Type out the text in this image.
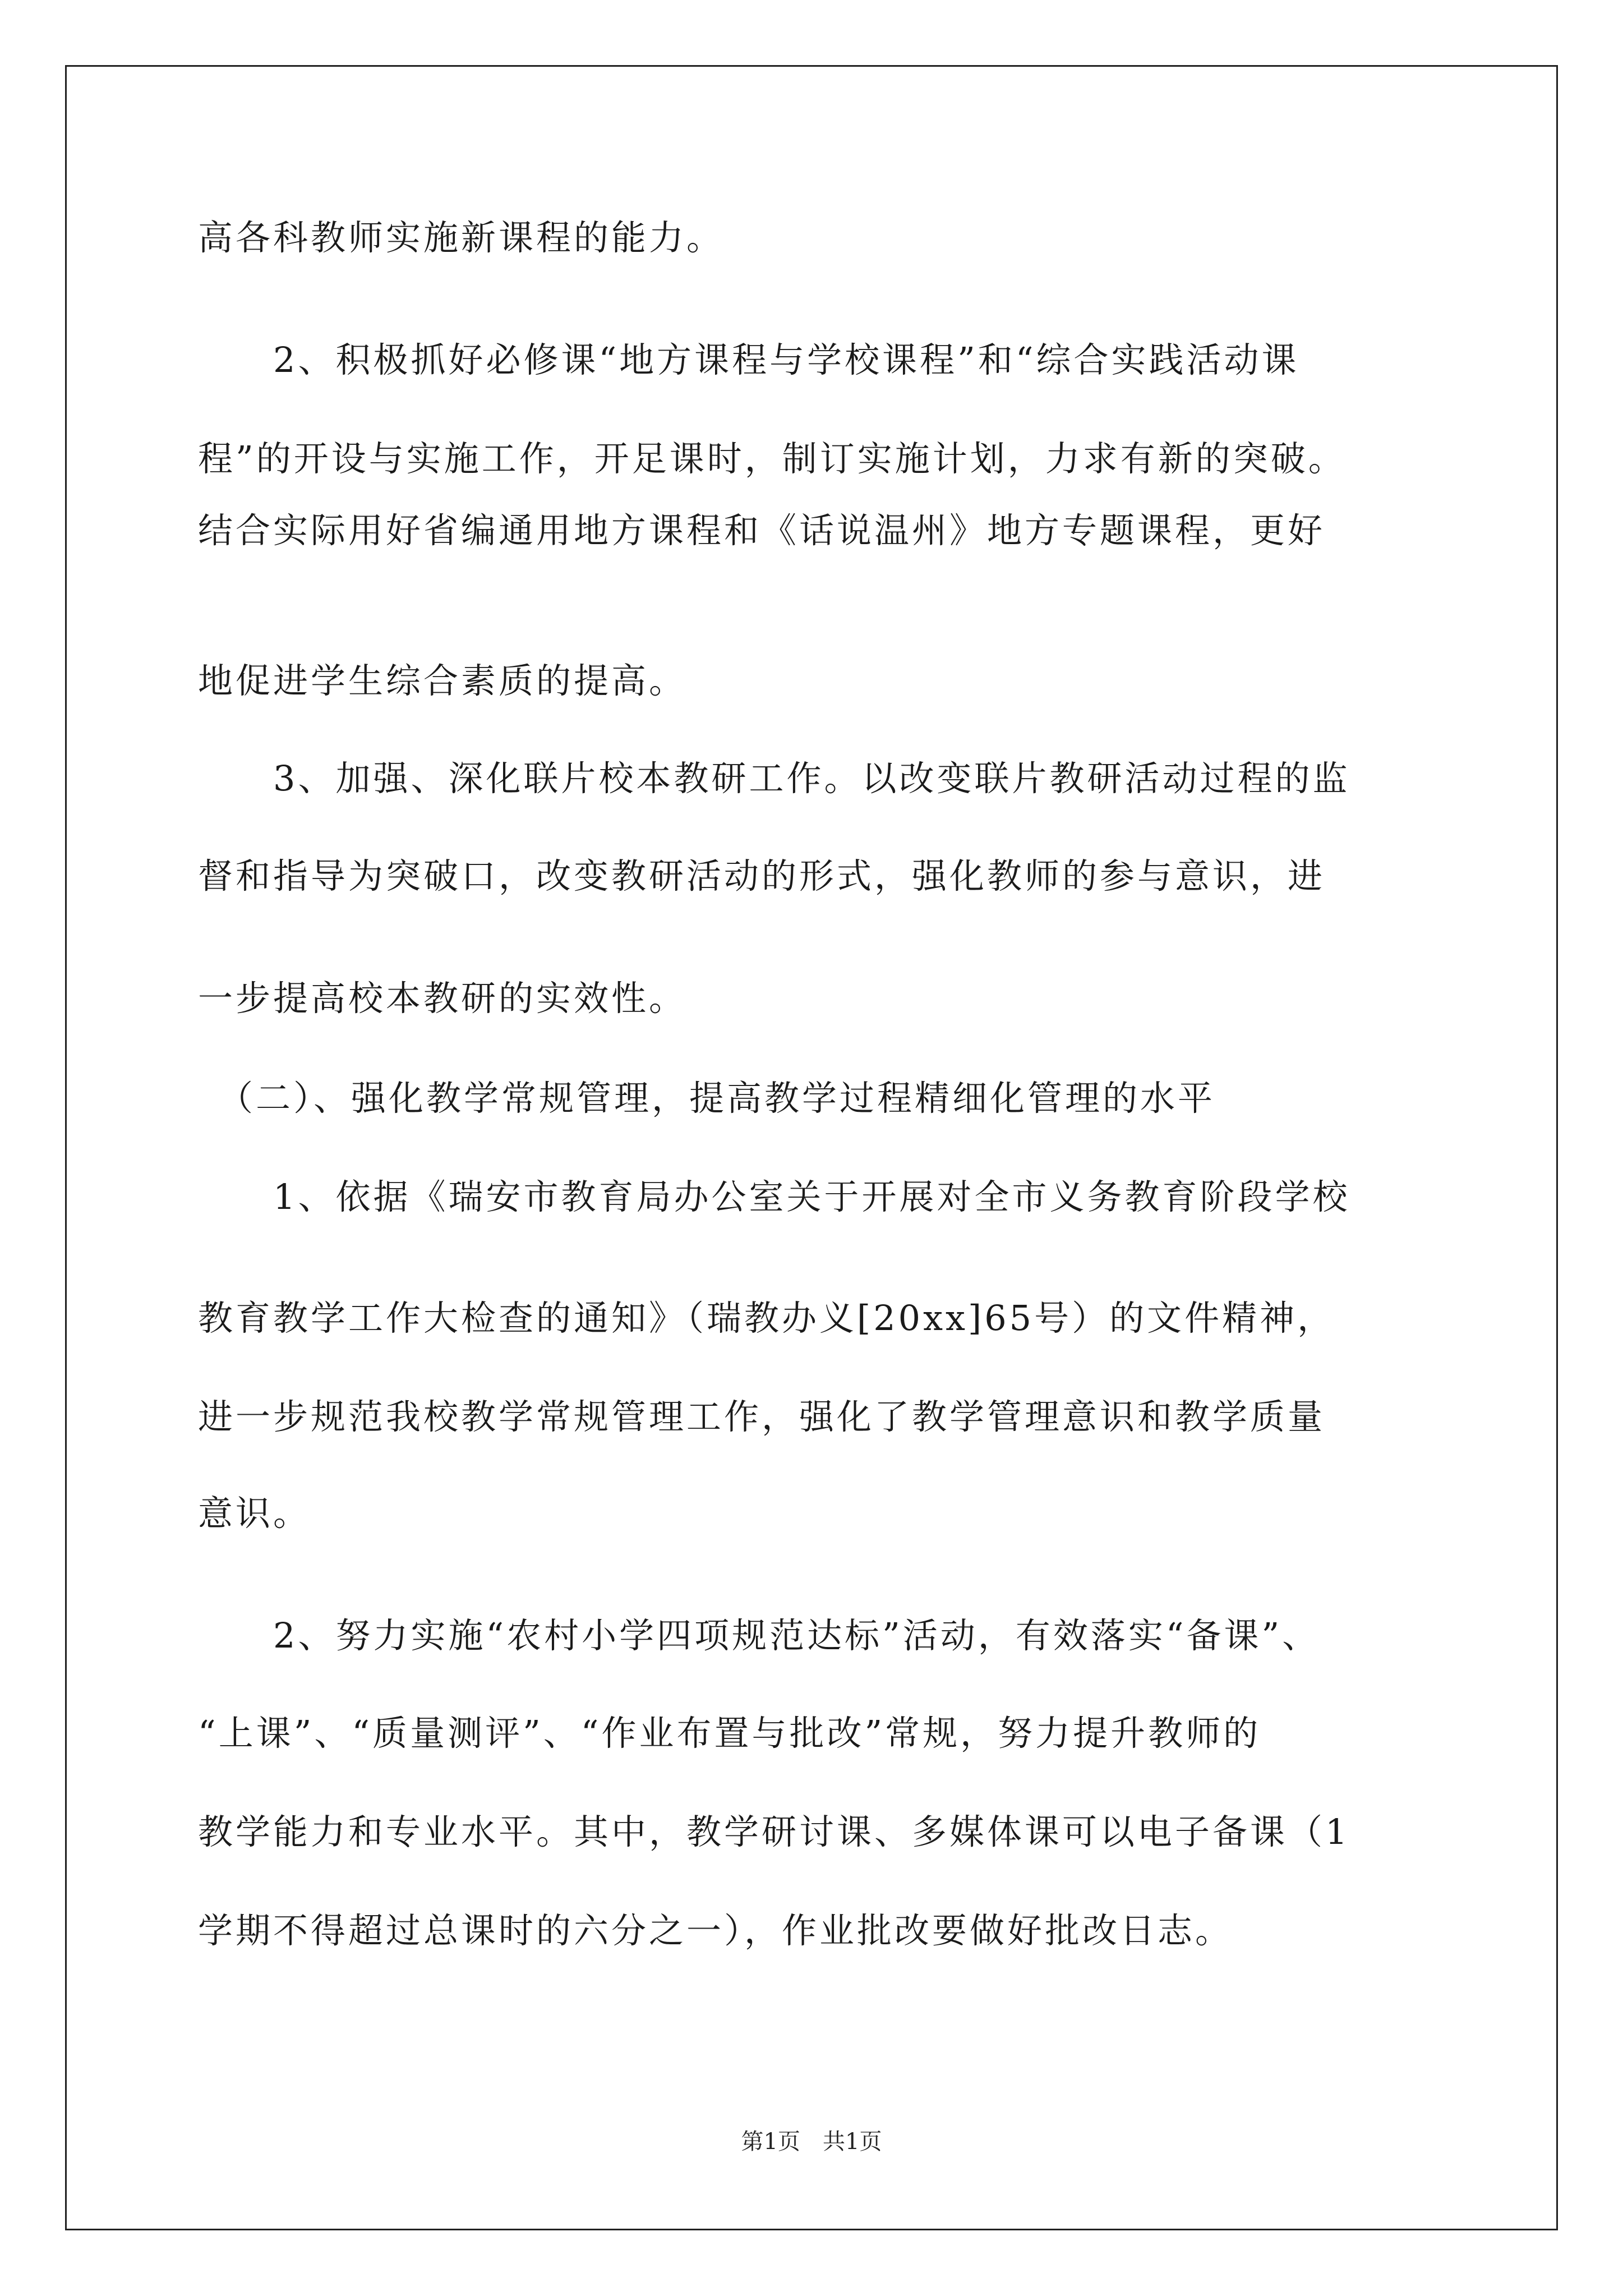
高各科教师实施新课程的能力。
　　2、积极抓好必修课“地方课程与学校课程”和“综合实践活动课
程”的开设与实施工作，开足课时，制订实施计划，力求有新的突破。
结合实际用好省编通用地方课程和《话说温州》地方专题课程，更好
地促进学生综合素质的提高。
　　3、加强、深化联片校本教研工作。以改变联片教研活动过程的监
督和指导为突破口，改变教研活动的形式，强化教师的参与意识，进
一步提高校本教研的实效性。
　（二）、强化教学常规管理，提高教学过程精细化管理的水平
　　1、依据《瑞安市教育局办公室关于开展对全市义务教育阶段学校
教育教学工作大检查的通知》（瑞教办义[20xx]65号）的文件精神，
进一步规范我校教学常规管理工作，强化了教学管理意识和教学质量
意识。
　　2、努力实施“农村小学四项规范达标”活动，有效落实“备课”、
“上课”、“质量测评”、“作业布置与批改”常规，努力提升教师的
教学能力和专业水平。其中，教学研讨课、多媒体课可以电子备课（1
学期不得超过总课时的六分之一），作业批改要做好批改日志。
第1页　共1页
